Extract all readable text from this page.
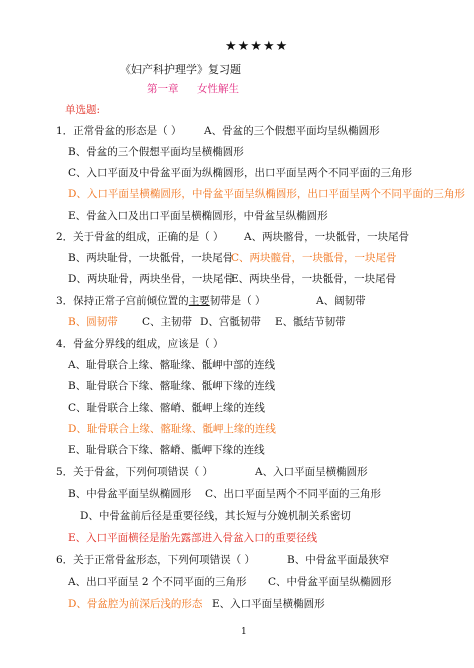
★★★★★
《妇产科护理学》复习题
第一章 女性解生
单选题:
1．正常骨盆的形态是（ ） A、骨盆的三个假想平面均呈纵椭圆形
B、骨盆的三个假想平面均呈横椭圆形
C、入口平面及中骨盆平面为纵椭圆形，出口平面呈两个不同平面的三角形
D、入口平面呈横椭圆形，中骨盆平面呈纵椭圆形，出口平面呈两个不同平面的三角形
E、骨盆入口及出口平面呈横椭圆形，中骨盆呈纵椭圆形
2．关于骨盆的组成，正确的是（ ） A、两块髂骨，一块骶骨，一块尾骨
B、两块耻骨，一块骶骨，一块尾骨
C、两块髋骨，一块骶骨，一块尾骨
D、两块耻骨，两块坐骨，一块尾骨
E、两块坐骨，一块骶骨，一块尾骨
3．保持正常子宫前倾位置的主要韧带是（ ）	A、阔韧带
B、圆韧带 C、主韧带 D、宫骶韧带 E、骶结节韧带
4．骨盆分界线的组成，应该是（ ）
A、耻骨联合上缘、髂耻缘、骶岬中部的连线
B、耻骨联合下缘、髂耻缘、骶岬下缘的连线
C、耻骨联合上缘、髂嵴、骶岬上缘的连线
D、耻骨联合上缘、髂耻缘、骶岬上缘的连线
E、耻骨联合下缘、髂嵴、骶岬下缘的连线
5．关于骨盆，下列何项错误（ ）	A、入口平面呈横椭圆形
B、中骨盆平面呈纵椭圆形 C、出口平面呈两个不同平面的三角形
D、中骨盆前后径是重要径线，其长短与分娩机制关系密切
E、入口平面横径是胎先露部进入骨盆入口的重要径线
6．关于正常骨盆形态，下列何项错误（ ）	B、中骨盆平面最狭窄
A、出口平面呈 2 个不同平面的三角形 C、中骨盆平面呈纵椭圆形
D、骨盆腔为前深后浅的形态 E、入口平面呈横椭圆形
1
